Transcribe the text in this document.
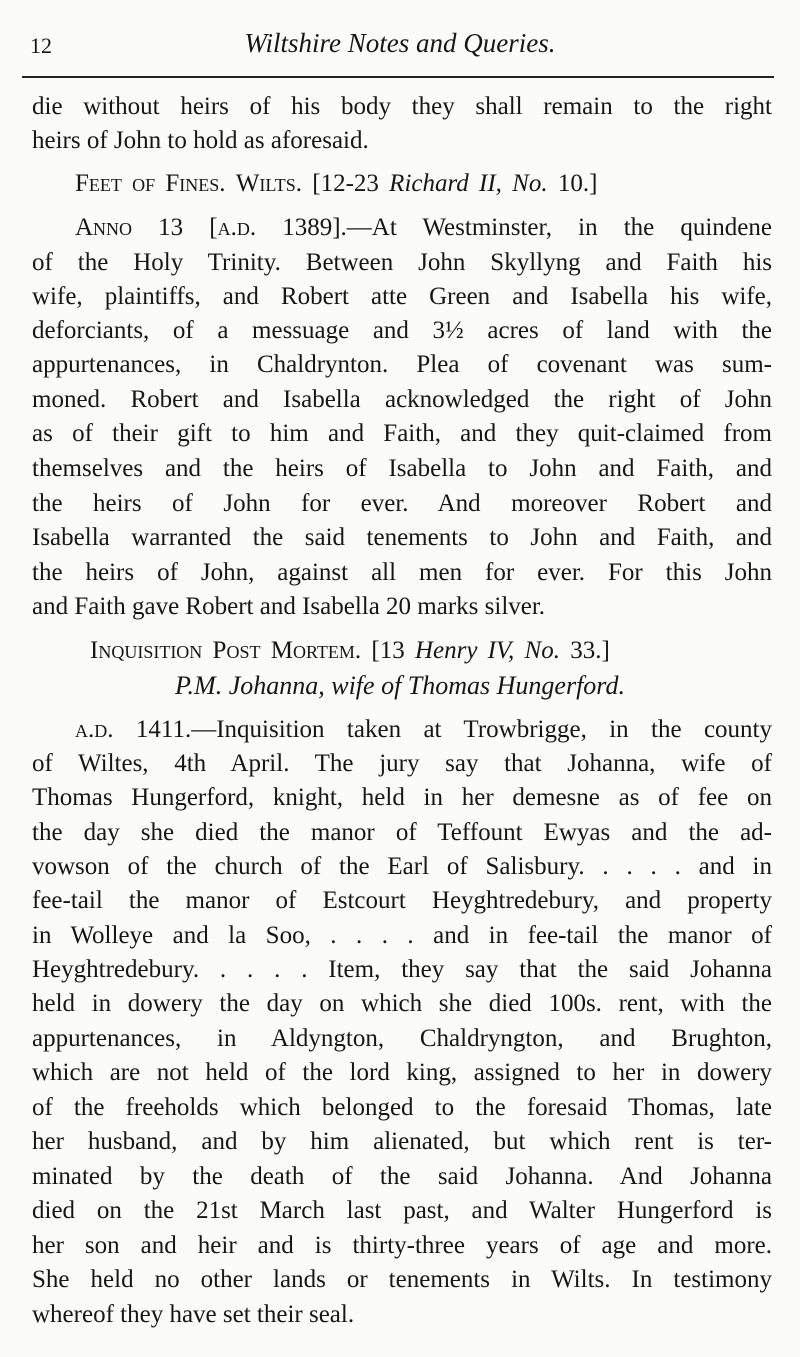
12	Wiltshire Notes and Queries.
die without heirs of his body they shall remain to the right
heirs of John to hold as aforesaid.
Feet of Fines. Wilts. [12-23 Richard II, No. 10.]
Anno 13 [a.d. 1389].—At Westminster, in the quindene
of the Holy Trinity. Between John Skyllyng and Faith his
wife, plaintiffs, and Robert atte Green and Isabella his wife,
deforciants, of a messuage and 3½ acres of land with the
appurtenances, in Chaldrynton. Plea of covenant was sum-
moned. Robert and Isabella acknowledged the right of John
as of their gift to him and Faith, and they quit-claimed from
themselves and the heirs of Isabella to John and Faith, and
the heirs of John for ever. And moreover Robert and
Isabella warranted the said tenements to John and Faith, and
the heirs of John, against all men for ever. For this John
and Faith gave Robert and Isabella 20 marks silver.
Inquisition Post Mortem. [13 Henry IV, No. 33.]
P.M. Johanna, wife of Thomas Hungerford.
a.d. 1411.—Inquisition taken at Trowbrigge, in the county
of Wiltes, 4th April. The jury say that Johanna, wife of
Thomas Hungerford, knight, held in her demesne as of fee on
the day she died the manor of Teffount Ewyas and the ad-
vowson of the church of the Earl of Salisbury. . . . . and in
fee-tail the manor of Estcourt Heyghtredebury, and property
in Wolleye and la Soo, . . . . and in fee-tail the manor of
Heyghtredebury. . . . . Item, they say that the said Johanna
held in dowery the day on which she died 100s. rent, with the
appurtenances, in Aldyngton, Chaldryngton, and Brughton,
which are not held of the lord king, assigned to her in dowery
of the freeholds which belonged to the foresaid Thomas, late
her husband, and by him alienated, but which rent is ter-
minated by the death of the said Johanna. And Johanna
died on the 21st March last past, and Walter Hungerford is
her son and heir and is thirty-three years of age and more.
She held no other lands or tenements in Wilts. In testimony
whereof they have set their seal.
